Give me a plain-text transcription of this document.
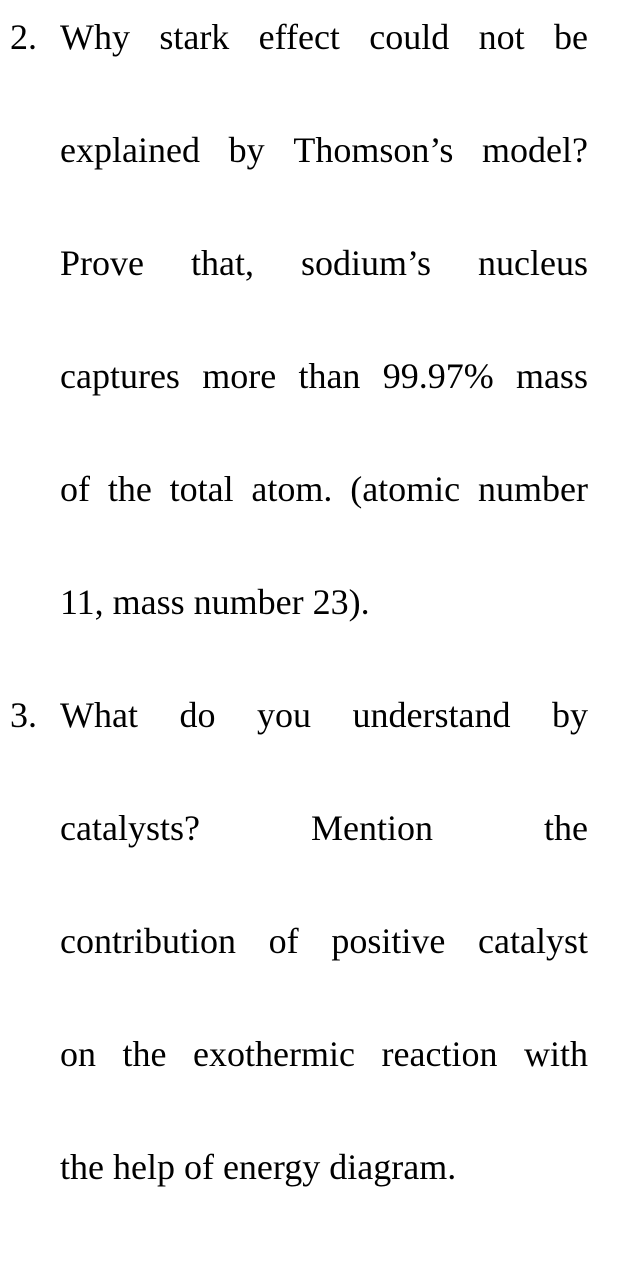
2. Why stark effect could not be
explained by Thomson’s model?
Prove that, sodium’s nucleus
captures more than 99.97% mass
of the total atom. (atomic number
11, mass number 23).
3. What do you understand by
catalysts?	Mention	the
contribution of positive catalyst
on the exothermic reaction with
the help of energy diagram.
